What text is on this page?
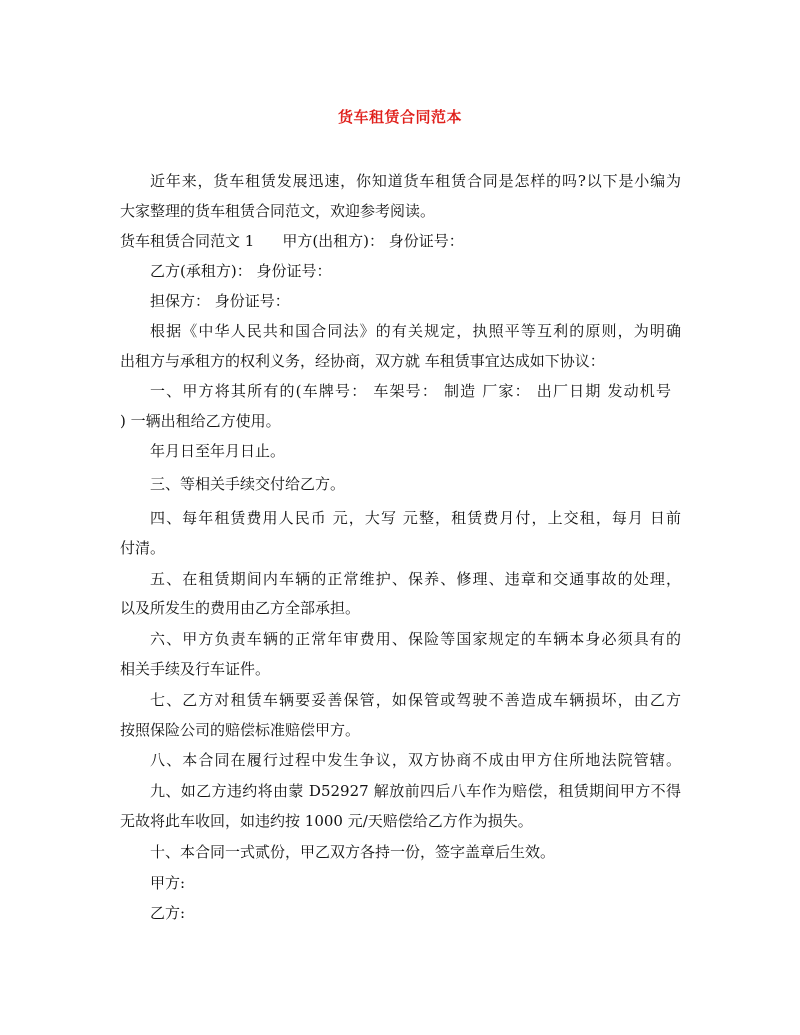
货车租赁合同范本
近年来，货车租赁发展迅速，你知道货车租赁合同是怎样的吗?以下是小编为
大家整理的货车租赁合同范文，欢迎参考阅读。
货车租赁合同范文 1 甲方(出租方)： 身份证号：
乙方(承租方)： 身份证号：
担保方： 身份证号：
根据《中华人民共和国合同法》的有关规定，执照平等互利的原则，为明确
出租方与承租方的权利义务，经协商，双方就 车租赁事宜达成如下协议：
一、甲方将其所有的(车牌号： 车架号： 制造 厂家： 出厂日期 发动机号
) 一辆出租给乙方使用。
年月日至年月日止。
三、等相关手续交付给乙方。
四、每年租赁费用人民币 元，大写 元整，租赁费月付，上交租，每月 日前
付清。
五、在租赁期间内车辆的正常维护、保养、修理、违章和交通事故的处理，
以及所发生的费用由乙方全部承担。
六、甲方负责车辆的正常年审费用、保险等国家规定的车辆本身必须具有的
相关手续及行车证件。
七、乙方对租赁车辆要妥善保管，如保管或驾驶不善造成车辆损坏，由乙方
按照保险公司的赔偿标准赔偿甲方。
八、本合同在履行过程中发生争议，双方协商不成由甲方住所地法院管辖。
九、如乙方违约将由蒙 D52927 解放前四后八车作为赔偿，租赁期间甲方不得
无故将此车收回，如违约按 1000 元/天赔偿给乙方作为损失。
十、本合同一式贰份，甲乙双方各持一份，签字盖章后生效。
甲方:
乙方:
